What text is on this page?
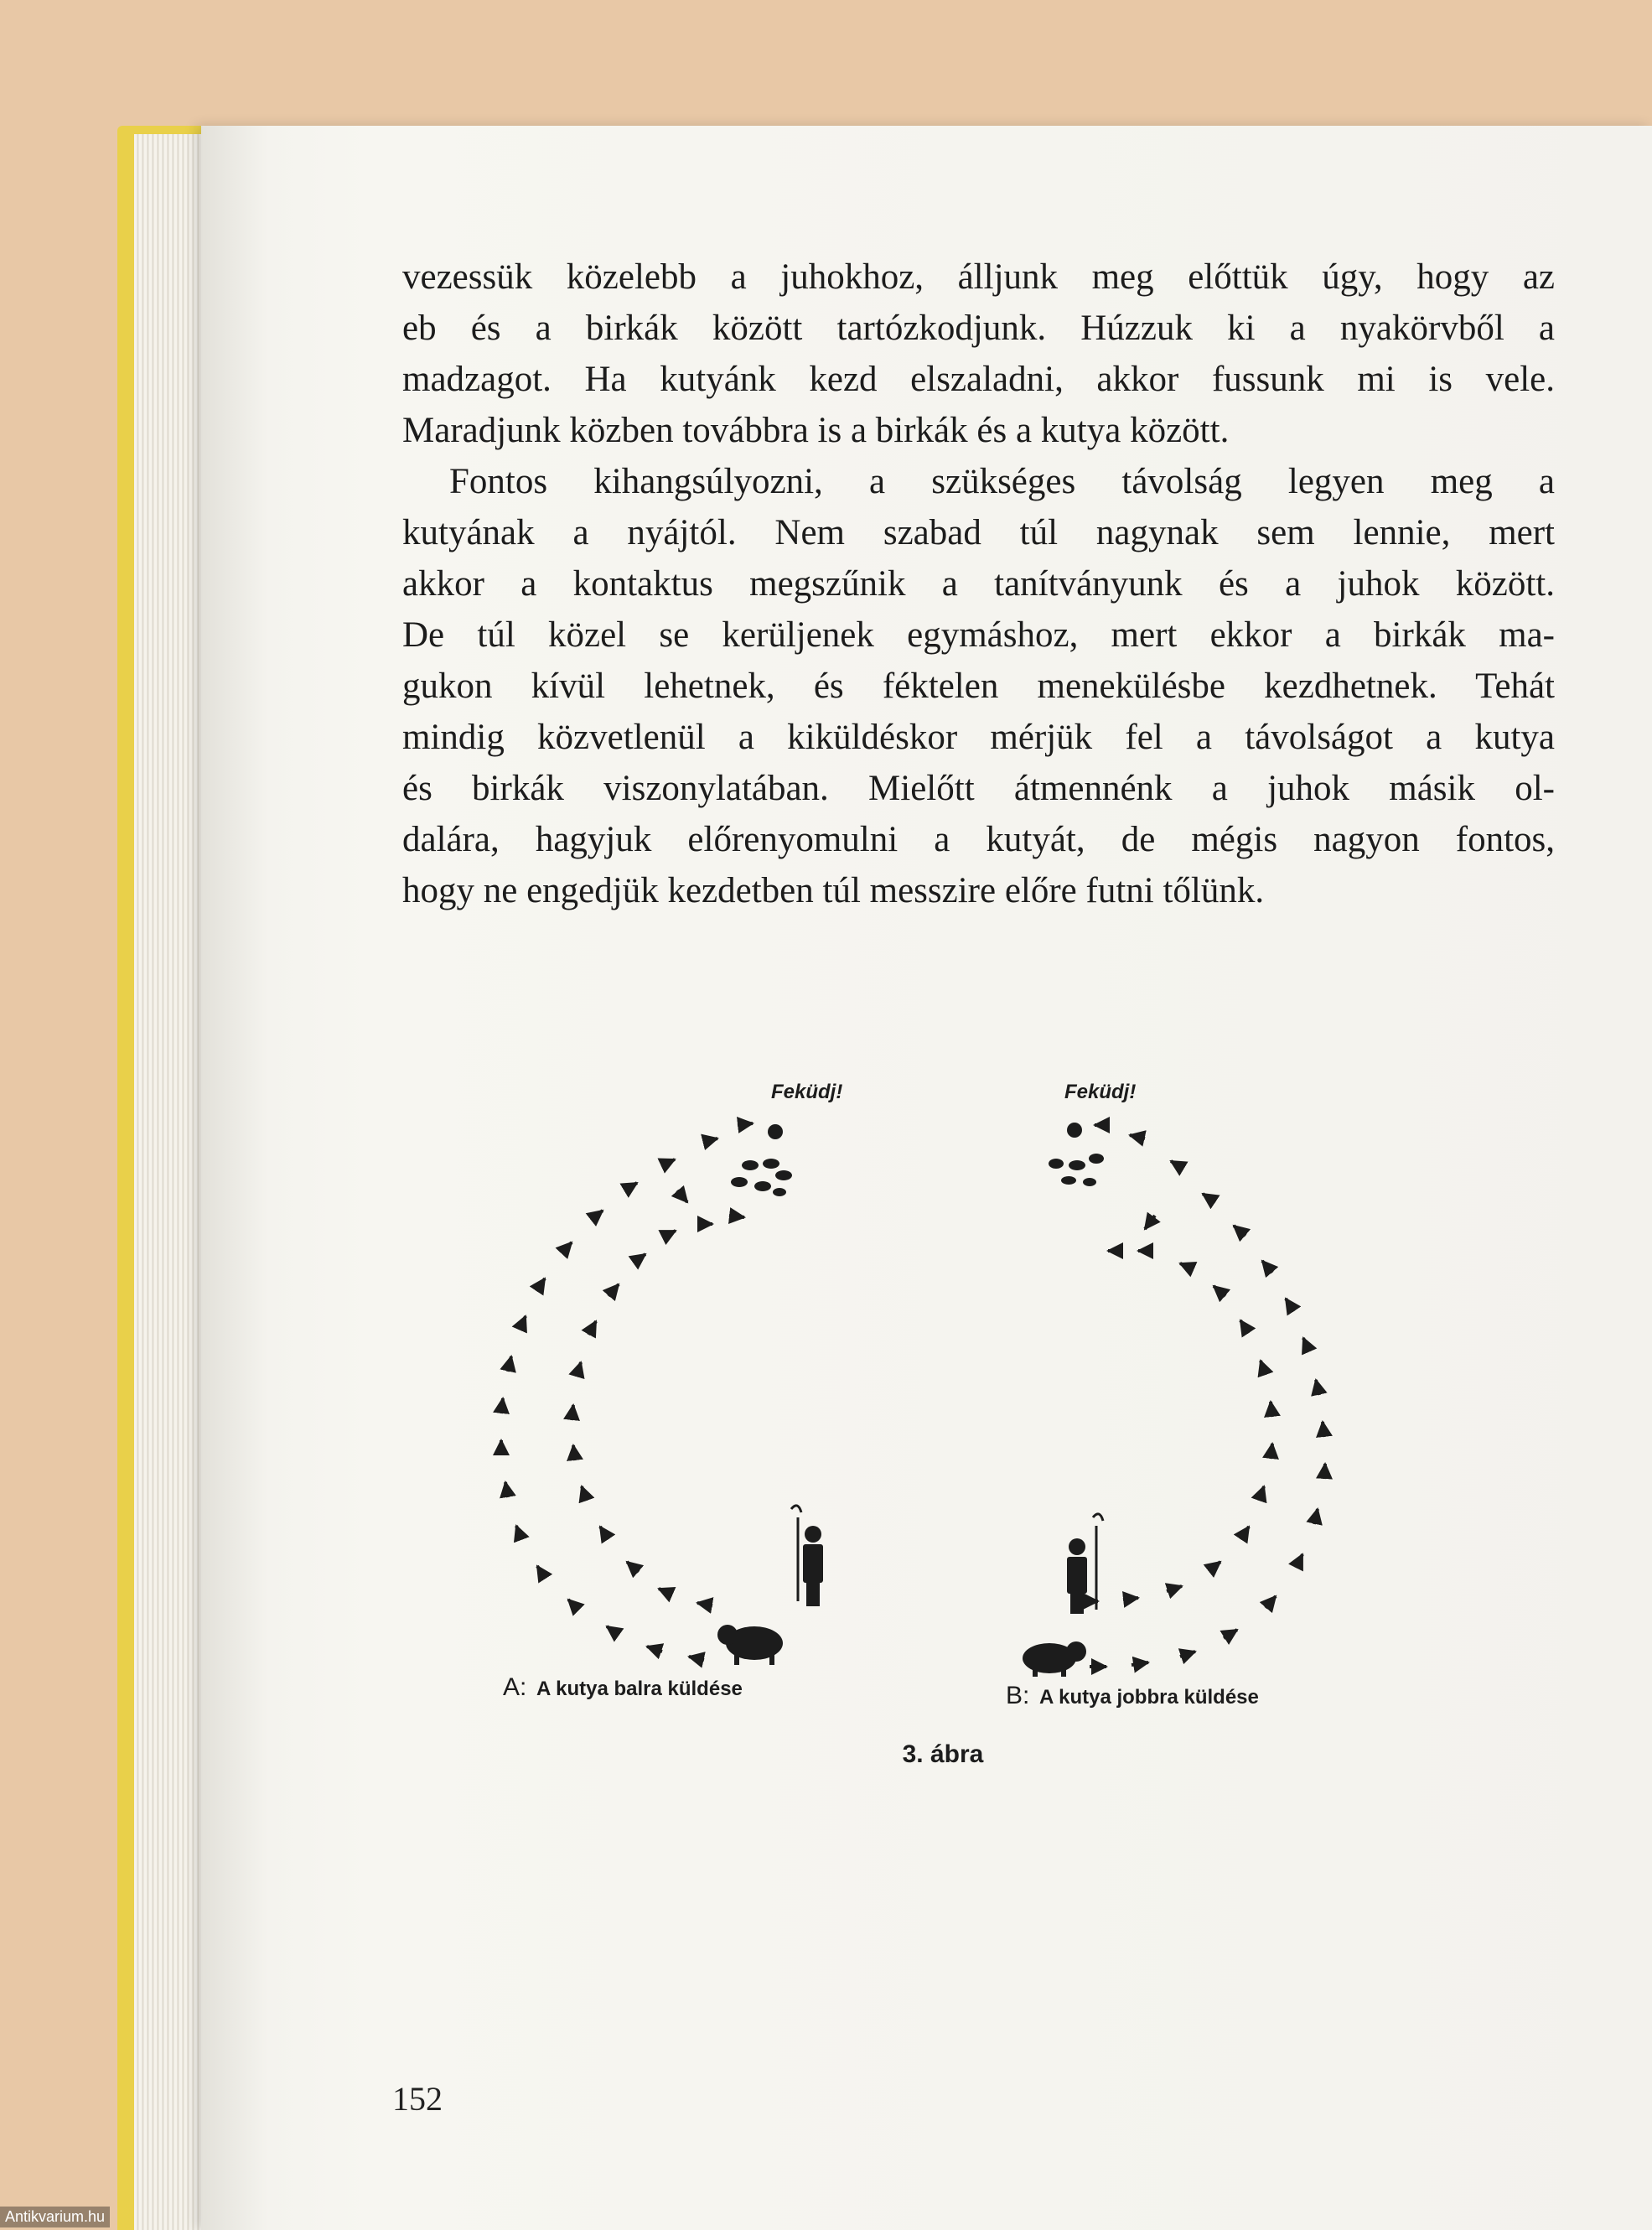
vezessük közelebb a juhokhoz, álljunk meg előttük úgy, hogy az
eb és a birkák között tartózkodjunk. Húzzuk ki a nyakörvből a
madzagot. Ha kutyánk kezd elszaladni, akkor fussunk mi is vele.
Maradjunk közben továbbra is a birkák és a kutya között.
Fontos kihangsúlyozni, a szükséges távolság legyen meg a
kutyának a nyájtól. Nem szabad túl nagynak sem lennie, mert
akkor a kontaktus megszűnik a tanítványunk és a juhok között.
De túl közel se kerüljenek egymáshoz, mert ekkor a birkák ma-
gukon kívül lehetnek, és féktelen menekülésbe kezdhetnek. Tehát
mindig közvetlenül a kiküldéskor mérjük fel a távolságot a kutya
és birkák viszonylatában. Mielőtt átmennénk a juhok másik ol-
dalára, hagyjuk előrenyomulni a kutyát, de mégis nagyon fontos,
hogy ne engedjük kezdetben túl messzire előre futni tőlünk.
Feküdj!
A: A kutya balra küldése
Feküdj!
B: A kutya jobbra küldése
3. ábra
152
Antikvarium.hu
